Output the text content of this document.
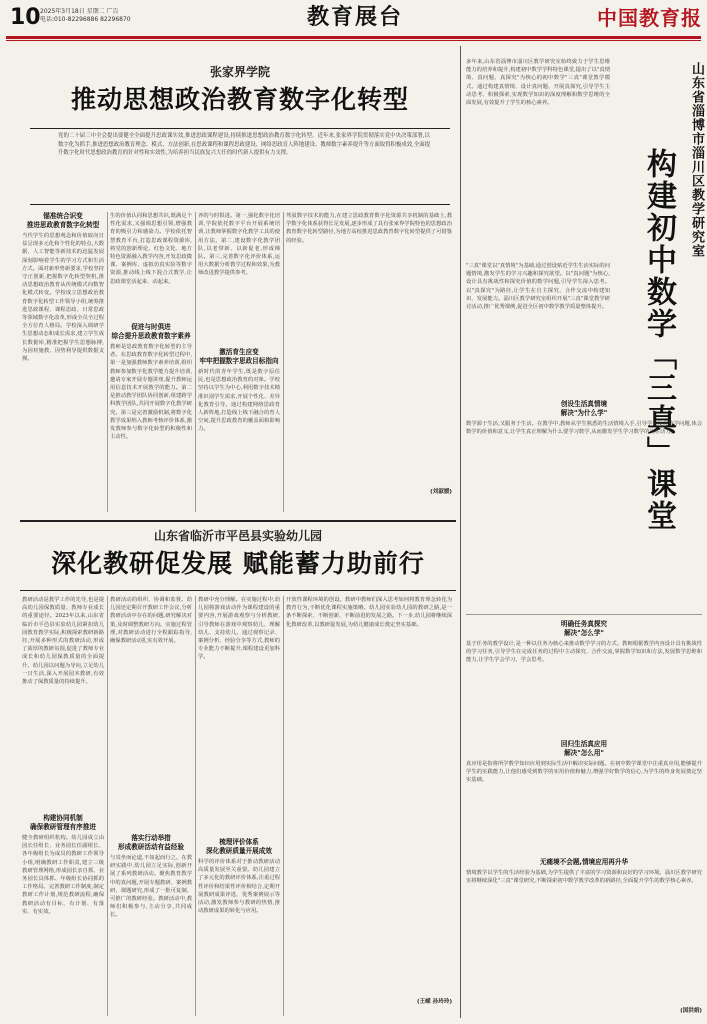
10 2025年3月18日 星期二 广告
电话:010-82296886 82296870	教育展台	中国教育报
张家界学院
推动思想政治教育数字化转型
党的二十届三中全会提出要健全全面提升思政课实效,推进思政课程建设,持续推进思想政治教育数字化转型。近年来,张家界学院贯彻落实党中央决策部署,以数字化为抓手,推进思想政治教育理念、模式、方法创新,在思政课程和课程思政建设、网络思政育人阵地建设、教师数字素养提升等方面取得积极成效,全面提升数字化时代思想政治教育的针对性和实效性,为培养担当民族复兴大任的时代新人提供有力支撑。
锚准统合识变
推进思政教育数字化转型
当代学生的思想观念和价值取向日益呈现多元化和个性化的特点,大数据、人工智能等新技术的迅猛发展深刻影响着学生的学习方式和生活方式。面对新形势新要求,学校坚持守正创新,把握数字化转型契机,推动思想政治教育从传统模式向数智化模式转变。学校成立思想政治教育数字化转型工作领导小组,统筹推进思政课程、课程思政、日常思政等领域数字化改革,形成全员全过程全方位育人格局。学校深入调研学生思想动态和成长需求,建立学生成长数据库,精准把握学生思想脉搏,为因材施教、因势利导提供数据支撑。
生的价值认同和思想共识,既满足个性化需求,又强调思想引领,增强教育的吸引力和感染力。学校依托智慧教育平台,打造思政课程资源库,将党的创新理论、红色文化、地方特色资源融入教学内容,开发思政微课、案例库、虚拟仿真实验等数字资源,推动线上线下混合式教学,让思政课堂活起来、动起来。
促进与时俱进
综合提升思政教育数字素养
教师是思政教育数字化转型的主导者。在思政教育数字化转型过程中,第一是加强教师数字素养培训,组织教师参加数字化教学能力提升培训,邀请专家开展专题讲座,提升教师运用信息技术开展教学的能力。第二是推动教学团队协同创新,组建跨学科教学团队,共同开展数字化教学研究。第三是完善激励机制,将数字化教学成果纳入教师考核评价体系,激发教师参与数字化转型的积极性和主动性。
养的与时俱进。第一,强化数字化培训,学院依托数字平台开展系统培训,让教师掌握数字化教学工具的使用方法。第二,建设数字化教学团队,以老带新、以新促老,形成梯队。第三,完善数字化评价体系,运用大数据分析教学过程和效果,为教师改进教学提供参考。
激活育生应变
牢牢把握数字思政目标指向
新时代的青年学生,既是数字原住民,也是思想政治教育的对象。学校坚持以学生为中心,利用数字技术精准识别学生需求,开展个性化、差异化教育引导。通过构建网络思政育人新阵地,打造线上线下融合的育人空间,提升思政教育的覆盖面和影响力。
驾驭数字技术的能力,在建立思政教育数字化资源共享机制的基础上,教学数字化体系获得长足发展,逐步形成了具有张家界学院特色的思想政治教育数字化转型路径,为地方高校推进思政教育数字化转型提供了可借鉴的经验。
(刘淑媛)
山东省临沂市平邑县实验幼儿园
深化教研促发展 赋能蓄力助前行
教研活动是教学工作的先导,也是提高幼儿园保教质量、教师专业成长的重要途径。2023年以来,山东省临沂市平邑县实验幼儿园紧扣幼儿园教育教学实际,积极探索教研新路径,开展多种形式的教研活动,形成了浓厚的教研氛围,促进了教师专业成长和幼儿园保教质量的全面提升。幼儿园以问题为导向,立足幼儿一日生活,深入开展园本教研,有效推动了保教质量的持续提升。
构建协同机制
确保教研管理有序推进
健全教研组织机构。幼儿园成立由园长任组长、业务园长任副组长、各年级组长为成员的教研工作领导小组,明确教研工作职责,建立三级教研管理网络,形成园长亲自抓、业务园长具体抓、年级组长协同抓的工作格局。完善教研工作制度,制定教研工作计划,规范教研流程,确保教研活动有目标、有计划、有落实、有实效。
教研活动的组织、协调和监督。幼儿园还定期召开教研工作会议,分析教研活动中存在的问题,研究解决对策,及时调整教研方向。实施过程管理,对教研活动进行全程跟踪指导,确保教研活动扎实有效开展。
落实行动举措
形成教研活动有益经验
与其坐而论道,不如起而行之。在教研实践中,幼儿园立足实际,创新开展了系列教研活动。聚焦教育教学中的真问题,开展专题教研、案例教研、课题研究,形成了一批可复制、可推广的教研经验。教研活动中,教师们积极参与,主动分享,共同成长。
教研中充分理解。在实施过程中,幼儿园将游戏活动作为课程建设的重要内容,开展游戏观察与分析教研,引导教师在游戏中观察幼儿、理解幼儿、支持幼儿。通过观察记录、案例分析、经验分享等方式,教师的专业能力不断提升,课程建设更加科学。
梳理评价体系
深化教研质量开展成效
科学的评价体系对于推动教研活动高质量发展至关重要。幼儿园建立了多元化的教研评价体系,注重过程性评价和结果性评价相结合,定期开展教研成果评选、优秀案例展示等活动,激发教师参与教研的热情,推动教研成果的转化与应用。
开放性课程环境的创设。教研中教师们深入思考如何将教育理念转化为教育行为,不断优化课程实施策略。幼儿园实验幼儿园的教研之路,是一条不断探索、不断创新、不断前进的发展之路。下一步,幼儿园将继续深化教研改革,以教研促发展,为幼儿健康成长奠定坚实基础。
(王嵘 孙玲玲)
多年来,山东省淄博市淄川区教学研究室始终致力于学生思维能力的培养和提升,构建初中数学学科特色课堂,提出了以"真情境、真问题、真探究"为核心的初中数学"三真"课堂教学模式。通过构建真情境、设计真问题、开展真探究,引导学生主动思考、积极探索,实现数学知识的深度理解和数学思维的全面发展,有效提升了学生的核心素养。	山东省淄博市淄川区教学研究室
构建初中数学「三真」课堂
"三真"课堂以"真情境"为基础,通过创设贴近学生生活实际的问题情境,激发学生的学习兴趣和探究欲望。以"真问题"为核心,设计具有挑战性和探究价值的数学问题,引导学生深入思考。以"真探究"为路径,让学生在自主探究、合作交流中构建知识、发展能力。淄川区教学研究室组织开展"三真"课堂教学研讨活动,推广优秀课例,促进全区初中数学教学质量整体提升。
创设生活真情境
解决"为什么学"
数学源于生活,又服务于生活。在教学中,教师从学生熟悉的生活情境入手,引导学生发现数学问题,体会数学的价值和意义,让学生真正理解为什么要学习数学,从而激发学生学习数学的内在动力。
明确任务真探究
解决"怎么学"
基于任务的教学设计,是一种以任务为核心来推动数学学习的方式。教师根据教学内容设计具有挑战性的学习任务,引导学生在完成任务的过程中主动探究、合作交流,掌握数学知识和方法,发展数学思维和能力,让学生学会学习、学会思考。
回归生活真应用
解决"怎么用"
真应用是指将所学数学知识应用到实际生活中解决实际问题。在初中数学课堂中注重真应用,能够提升学生的实践能力,让他们感受到数学的实用价值和魅力,增强学好数学的信心,为学生的终身发展奠定坚实基础。
无痛境不会题,情境应用再升华
情境教学以学生的生活经验为基础,为学生提供了丰富的学习资源和良好的学习环境。淄川区教学研究室将继续深化"三真"课堂研究,不断探索初中数学教学改革的新路径,全面提升学生的数学核心素养。
(国洪娟)
